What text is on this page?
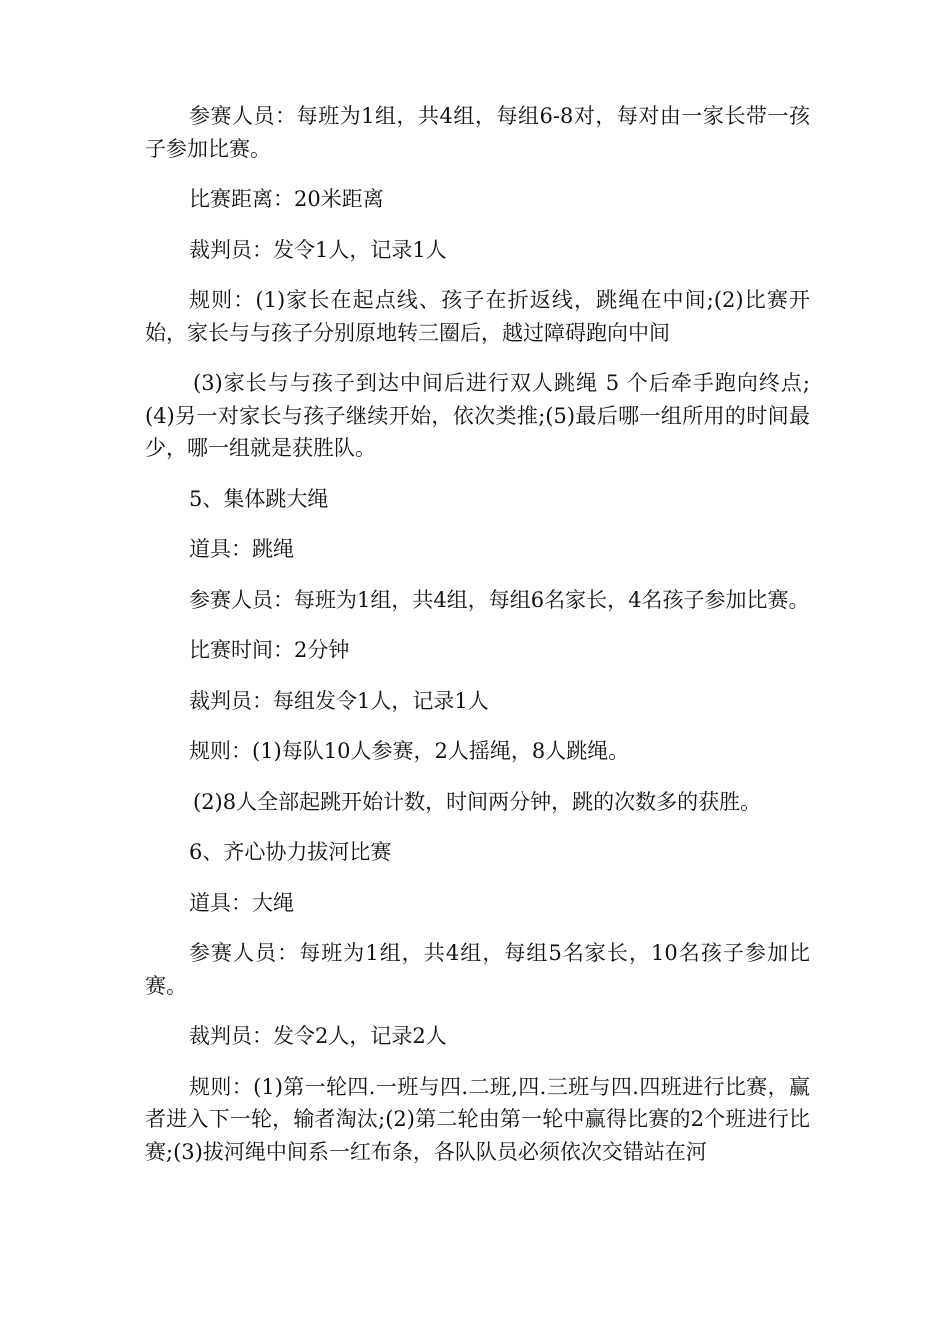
参赛人员：每班为1组，共4组，每组6-8对，每对由一家长带一孩子参加比赛。

比赛距离：20米距离

裁判员：发令1人，记录1人

规则：(1)家长在起点线、孩子在折返线，跳绳在中间;(2)比赛开始，家长与与孩子分别原地转三圈后，越过障碍跑向中间

(3)家长与与孩子到达中间后进行双人跳绳 5 个后牵手跑向终点;(4)另一对家长与孩子继续开始，依次类推;(5)最后哪一组所用的时间最少，哪一组就是获胜队。

5、集体跳大绳

道具：跳绳

参赛人员：每班为1组，共4组，每组6名家长，4名孩子参加比赛。

比赛时间：2分钟

裁判员：每组发令1人，记录1人

规则：(1)每队10人参赛，2人摇绳，8人跳绳。

(2)8人全部起跳开始计数，时间两分钟，跳的次数多的获胜。

6、齐心协力拔河比赛

道具：大绳

参赛人员：每班为1组，共4组，每组5名家长，10名孩子参加比赛。

裁判员：发令2人，记录2人

规则：(1)第一轮四.一班与四.二班,四.三班与四.四班进行比赛，赢者进入下一轮，输者淘汰;(2)第二轮由第一轮中赢得比赛的2个班进行比赛;(3)拔河绳中间系一红布条，各队队员必须依次交错站在河
